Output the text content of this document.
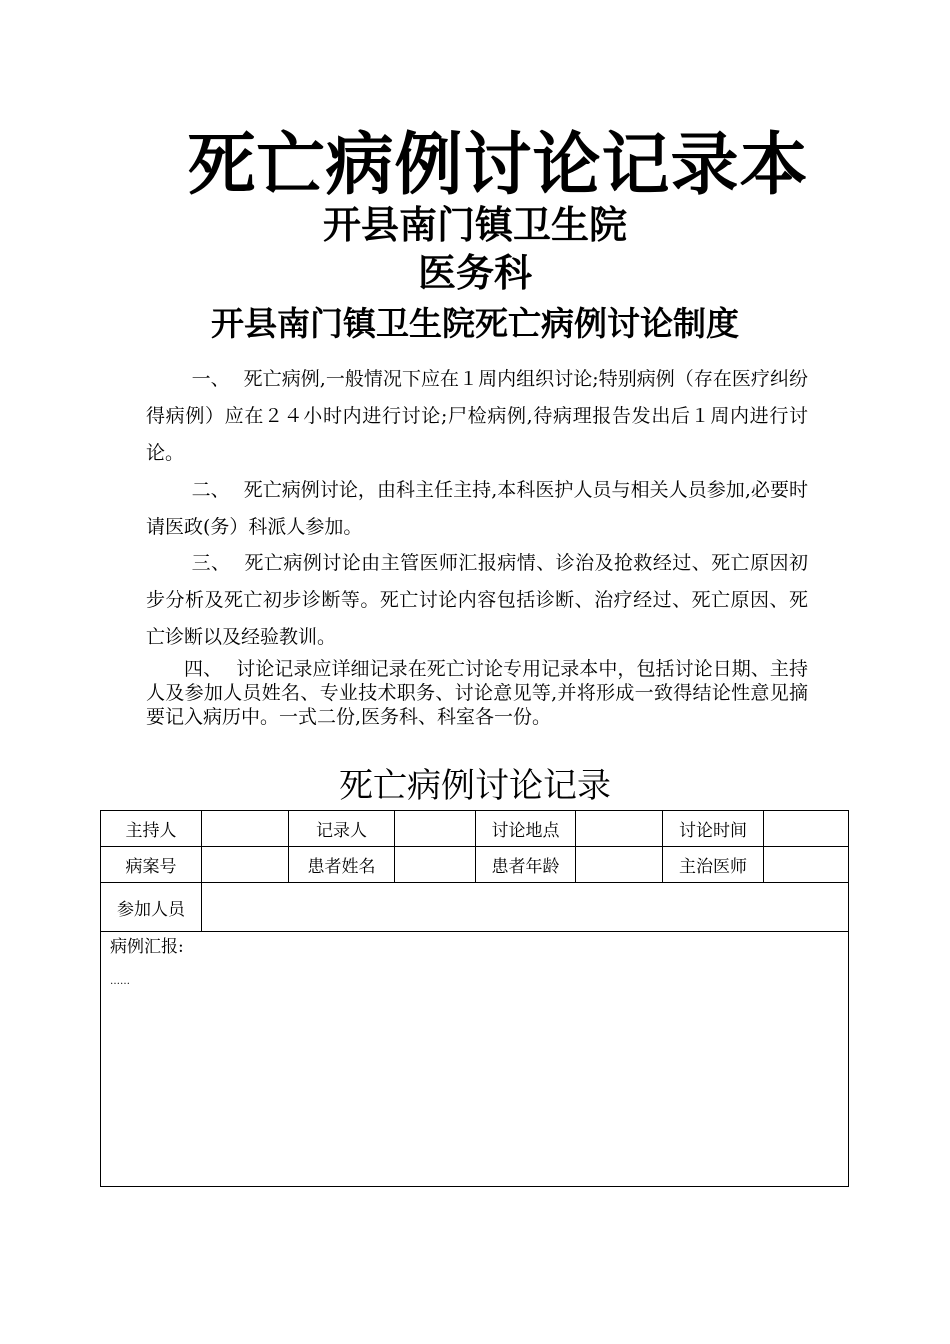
死亡病例讨论记录本
开县南门镇卫生院
医务科
开县南门镇卫生院死亡病例讨论制度
一、 死亡病例,一般情况下应在１周内组织讨论;特别病例（存在医疗纠纷得病例）应在２４小时内进行讨论;尸检病例,待病理报告发出后１周内进行讨论。
二、 死亡病例讨论，由科主任主持,本科医护人员与相关人员参加,必要时请医政(务）科派人参加。
三、 死亡病例讨论由主管医师汇报病情、诊治及抢救经过、死亡原因初步分析及死亡初步诊断等。死亡讨论内容包括诊断、治疗经过、死亡原因、死亡诊断以及经验教训。
四、 讨论记录应详细记录在死亡讨论专用记录本中，包括讨论日期、主持人及参加人员姓名、专业技术职务、讨论意见等,并将形成一致得结论性意见摘要记入病历中。一式二份,医务科、科室各一份。
死亡病例讨论记录
主持人		记录人		讨论地点		讨论时间	
病案号		患者姓名		患者年龄		主治医师	
参加人员							

病例汇报:
……							
